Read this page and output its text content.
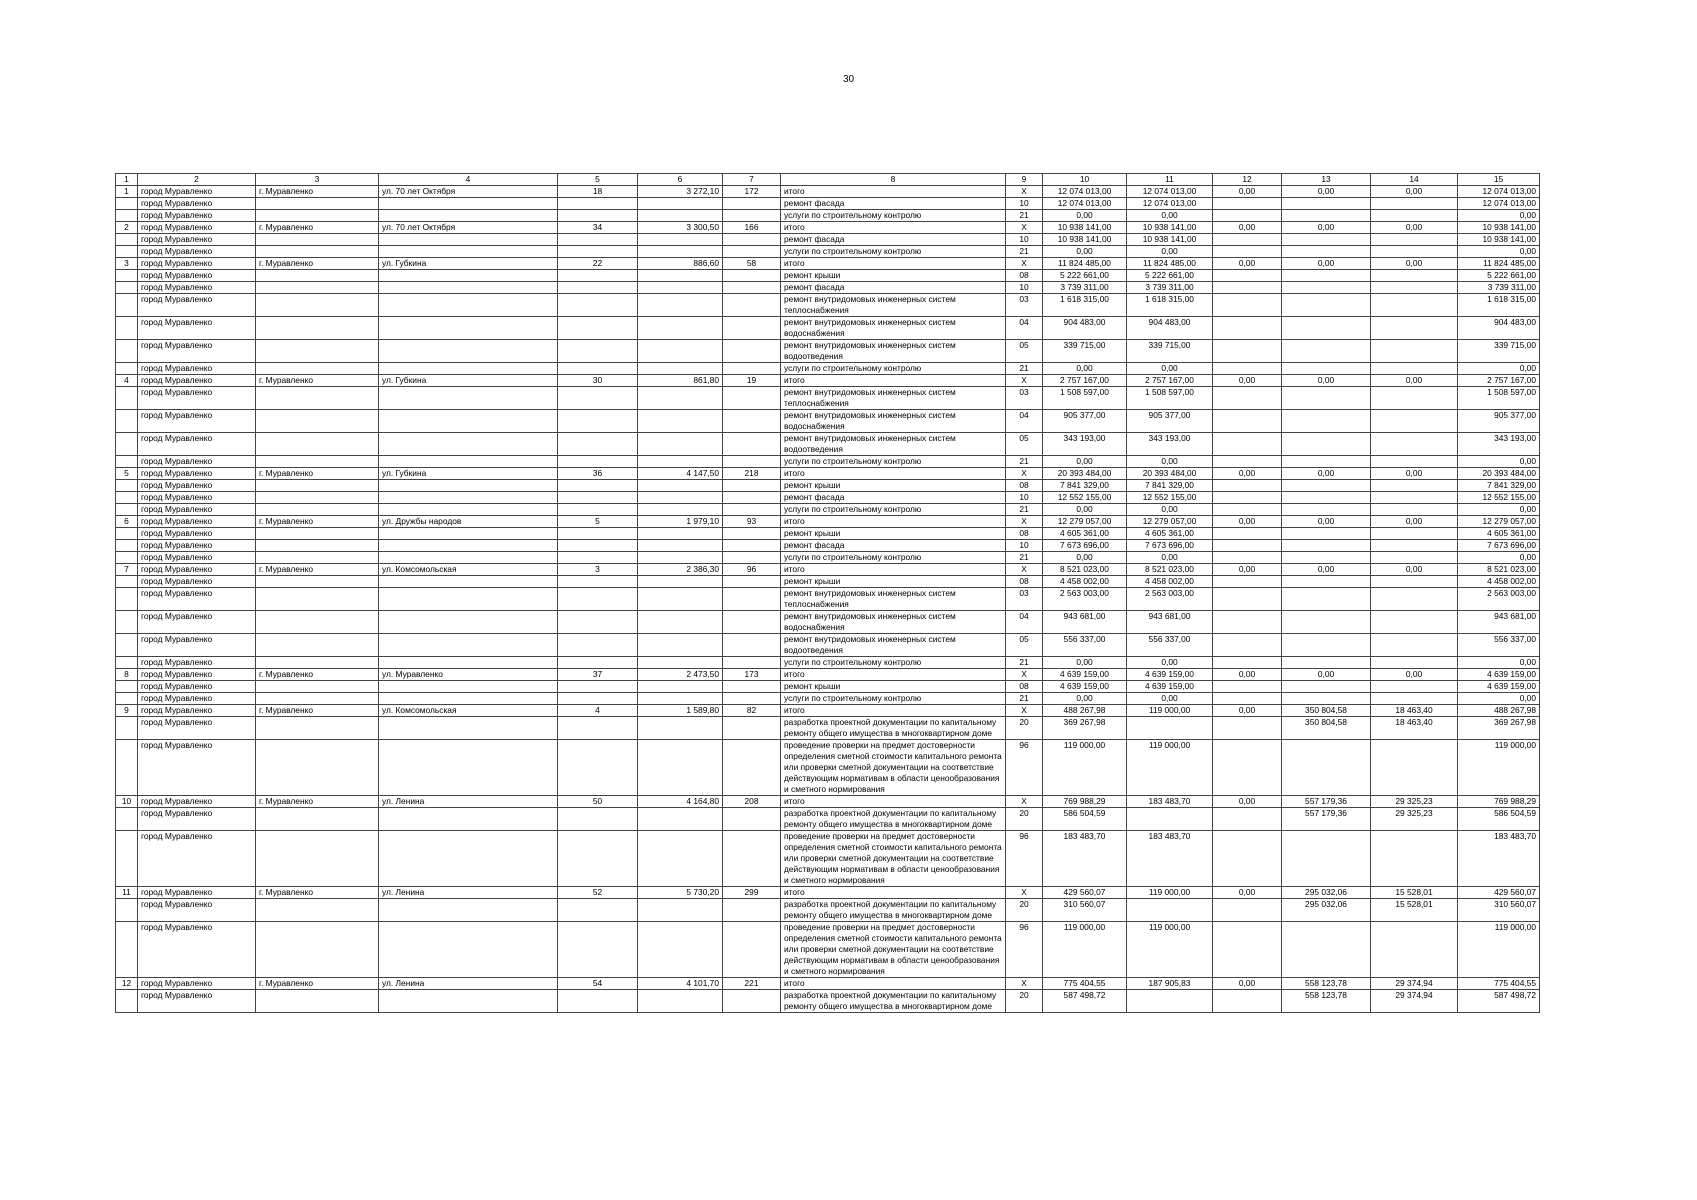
30
1	2	3	4	5	6	7	8	9	10	11	12	13	14	15
1	город Муравленко	г. Муравленко	ул. 70 лет Октября	18	3 272,10	172	итого	X	12 074 013,00	12 074 013,00	0,00	0,00	0,00	12 074 013,00
	город Муравленко						ремонт фасада	10	12 074 013,00	12 074 013,00				12 074 013,00
	город Муравленко						услуги по строительному контролю	21	0,00	0,00				0,00
2	город Муравленко	г. Муравленко	ул. 70 лет Октября	34	3 300,50	166	итого	X	10 938 141,00	10 938 141,00	0,00	0,00	0,00	10 938 141,00
	город Муравленко						ремонт фасада	10	10 938 141,00	10 938 141,00				10 938 141,00
	город Муравленко						услуги по строительному контролю	21	0,00	0,00				0,00
3	город Муравленко	г. Муравленко	ул. Губкина	22	886,60	58	итого	X	11 824 485,00	11 824 485,00	0,00	0,00	0,00	11 824 485,00
	город Муравленко						ремонт крыши	08	5 222 661,00	5 222 661,00				5 222 661,00
	город Муравленко						ремонт фасада	10	3 739 311,00	3 739 311,00				3 739 311,00
	город Муравленко						ремонт внутридомовых инженерных систем теплоснабжения	03	1 618 315,00	1 618 315,00				1 618 315,00
	город Муравленко						ремонт внутридомовых инженерных систем водоснабжения	04	904 483,00	904 483,00				904 483,00
	город Муравленко						ремонт внутридомовых инженерных систем водоотведения	05	339 715,00	339 715,00				339 715,00
	город Муравленко						услуги по строительному контролю	21	0,00	0,00				0,00
4	город Муравленко	г. Муравленко	ул. Губкина	30	861,80	19	итого	X	2 757 167,00	2 757 167,00	0,00	0,00	0,00	2 757 167,00
	город Муравленко						ремонт внутридомовых инженерных систем теплоснабжения	03	1 508 597,00	1 508 597,00				1 508 597,00
	город Муравленко						ремонт внутридомовых инженерных систем водоснабжения	04	905 377,00	905 377,00				905 377,00
	город Муравленко						ремонт внутридомовых инженерных систем водоотведения	05	343 193,00	343 193,00				343 193,00
	город Муравленко						услуги по строительному контролю	21	0,00	0,00				0,00
5	город Муравленко	г. Муравленко	ул. Губкина	36	4 147,50	218	итого	X	20 393 484,00	20 393 484,00	0,00	0,00	0,00	20 393 484,00
	город Муравленко						ремонт крыши	08	7 841 329,00	7 841 329,00				7 841 329,00
	город Муравленко						ремонт фасада	10	12 552 155,00	12 552 155,00				12 552 155,00
	город Муравленко						услуги по строительному контролю	21	0,00	0,00				0,00
6	город Муравленко	г. Муравленко	ул. Дружбы народов	5	1 979,10	93	итого	X	12 279 057,00	12 279 057,00	0,00	0,00	0,00	12 279 057,00
	город Муравленко						ремонт крыши	08	4 605 361,00	4 605 361,00				4 605 361,00
	город Муравленко						ремонт фасада	10	7 673 696,00	7 673 696,00				7 673 696,00
	город Муравленко						услуги по строительному контролю	21	0,00	0,00				0,00
7	город Муравленко	г. Муравленко	ул. Комсомольская	3	2 386,30	96	итого	X	8 521 023,00	8 521 023,00	0,00	0,00	0,00	8 521 023,00
	город Муравленко						ремонт крыши	08	4 458 002,00	4 458 002,00				4 458 002,00
	город Муравленко						ремонт внутридомовых инженерных систем теплоснабжения	03	2 563 003,00	2 563 003,00				2 563 003,00
	город Муравленко						ремонт внутридомовых инженерных систем водоснабжения	04	943 681,00	943 681,00				943 681,00
	город Муравленко						ремонт внутридомовых инженерных систем водоотведения	05	556 337,00	556 337,00				556 337,00
	город Муравленко						услуги по строительному контролю	21	0,00	0,00				0,00
8	город Муравленко	г. Муравленко	ул. Муравленко	37	2 473,50	173	итого	X	4 639 159,00	4 639 159,00	0,00	0,00	0,00	4 639 159,00
	город Муравленко						ремонт крыши	08	4 639 159,00	4 639 159,00				4 639 159,00
	город Муравленко						услуги по строительному контролю	21	0,00	0,00				0,00
9	город Муравленко	г. Муравленко	ул. Комсомольская	4	1 589,80	82	итого	X	488 267,98	119 000,00	0,00	350 804,58	18 463,40	488 267,98
	город Муравленко						разработка проектной документации по капитальному ремонту общего имущества в многоквартирном доме	20	369 267,98			350 804,58	18 463,40	369 267,98
	город Муравленко						проведение проверки на предмет достоверности определения сметной стоимости капитального ремонта или проверки сметной документации на соответствие действующим нормативам в области ценообразования и сметного нормирования	96	119 000,00	119 000,00				119 000,00
10	город Муравленко	г. Муравленко	ул. Ленина	50	4 164,80	208	итого	X	769 988,29	183 483,70	0,00	557 179,36	29 325,23	769 988,29
	город Муравленко						разработка проектной документации по капитальному ремонту общего имущества в многоквартирном доме	20	586 504,59			557 179,36	29 325,23	586 504,59
	город Муравленко						проведение проверки на предмет достоверности определения сметной стоимости капитального ремонта или проверки сметной документации на соответствие действующим нормативам в области ценообразования и сметного нормирования	96	183 483,70	183 483,70				183 483,70
11	город Муравленко	г. Муравленко	ул. Ленина	52	5 730,20	299	итого	X	429 560,07	119 000,00	0,00	295 032,06	15 528,01	429 560,07
	город Муравленко						разработка проектной документации по капитальному ремонту общего имущества в многоквартирном доме	20	310 560,07			295 032,06	15 528,01	310 560,07
	город Муравленко						проведение проверки на предмет достоверности определения сметной стоимости капитального ремонта или проверки сметной документации на соответствие действующим нормативам в области ценообразования и сметного нормирования	96	119 000,00	119 000,00				119 000,00
12	город Муравленко	г. Муравленко	ул. Ленина	54	4 101,70	221	итого	X	775 404,55	187 905,83	0,00	558 123,78	29 374,94	775 404,55
	город Муравленко						разработка проектной документации по капитальному ремонту общего имущества в многоквартирном доме	20	587 498,72			558 123,78	29 374,94	587 498,72
